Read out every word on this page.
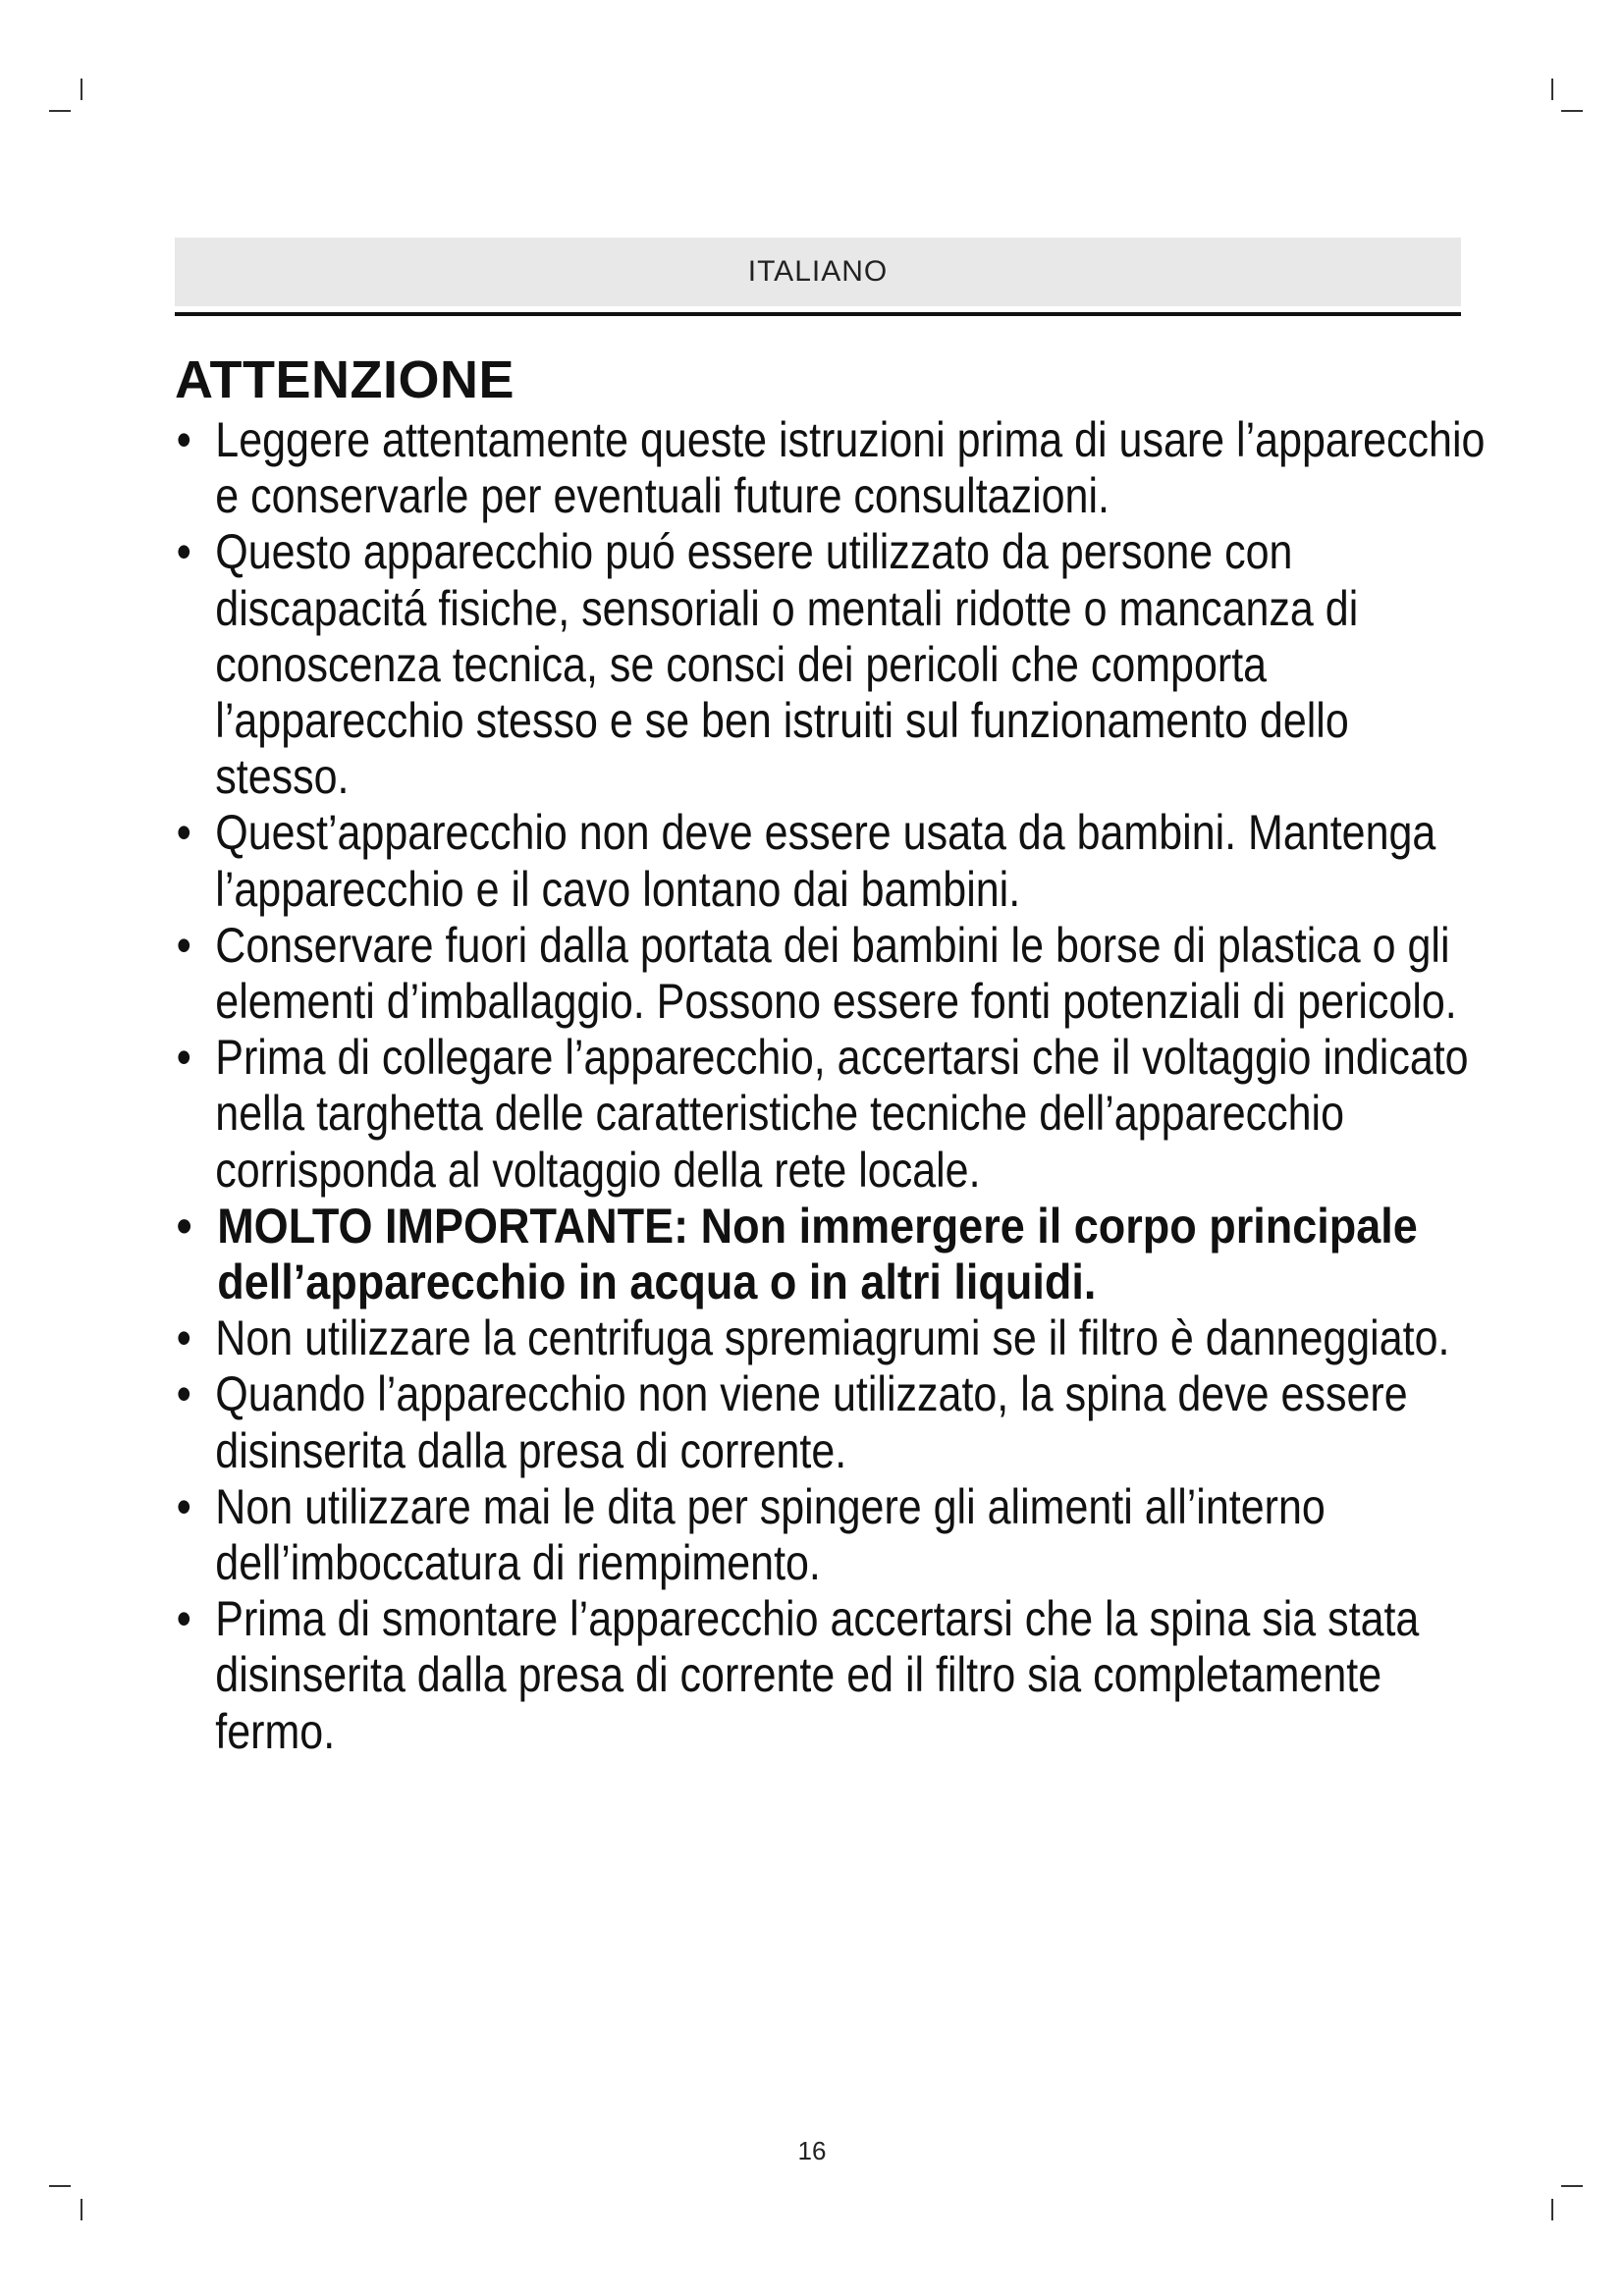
ITALIANO
ATTENZIONE
• Leggere attentamente queste istruzioni prima di usare l’apparecchio e conservarle per eventuali future consultazioni.
• Questo apparecchio puó essere utilizzato da persone con discapacitá fisiche, sensoriali o mentali ridotte o mancanza di conoscenza tecnica, se consci dei pericoli che comporta l’apparecchio stesso e se ben istruiti sul funzionamento dello stesso.
• Quest’apparecchio non deve essere usata da bambini. Mantenga l’apparecchio e il cavo lontano dai bambini.
• Conservare fuori dalla portata dei bambini le borse di plastica o gli elementi d’imballaggio. Possono essere fonti potenziali di pericolo.
• Prima di collegare l’apparecchio, accertarsi che il voltaggio indicato nella targhetta delle caratteristiche tecniche dell’apparecchio corrisponda al voltaggio della rete locale.
• MOLTO IMPORTANTE: Non immergere il corpo principale dell’apparecchio in acqua o in altri liquidi.
• Non utilizzare la centrifuga spremiagrumi se il filtro è danneggiato.
• Quando l’apparecchio non viene utilizzato, la spina deve essere disinserita dalla presa di corrente.
• Non utilizzare mai le dita per spingere gli alimenti all’interno dell’imboccatura di riempimento.
• Prima di smontare l’apparecchio accertarsi che la spina sia stata disinserita dalla presa di corrente ed il filtro sia completamente fermo.
16
